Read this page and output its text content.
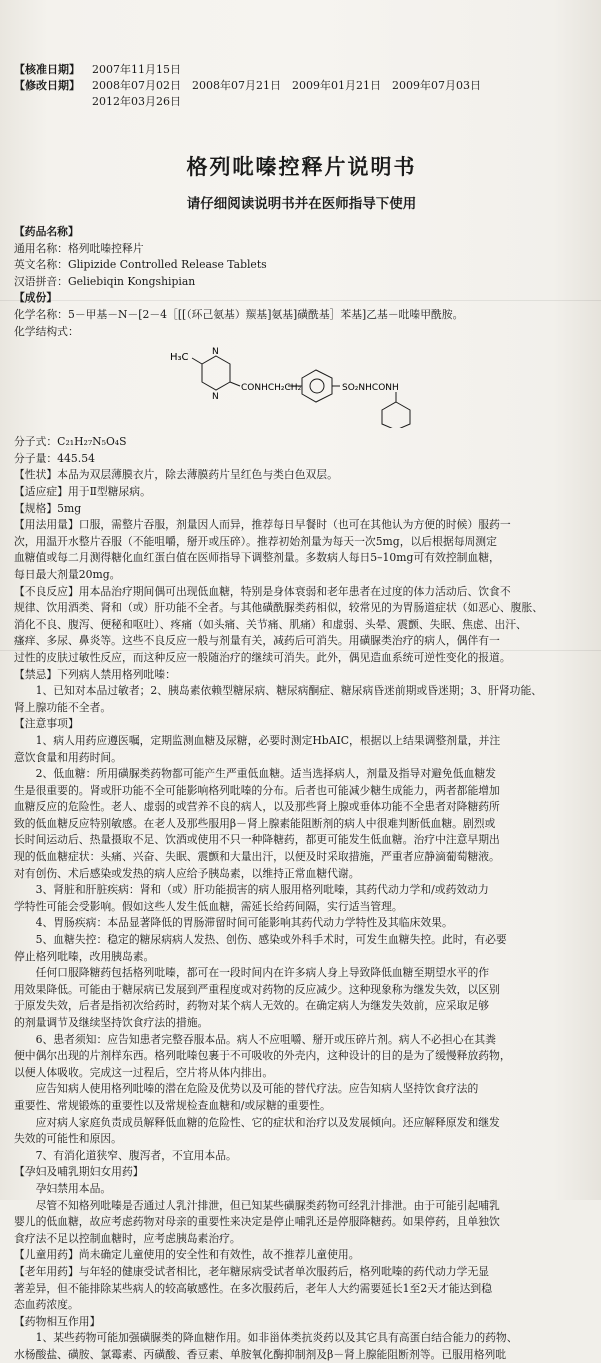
【核准日期】 2007年11月15日

【修改日期】 2008年07月02日 2008年07月21日 2009年01月21日 2009年07月03日

2012年03月26日

格列吡嗪控释片说明书

请仔细阅读说明书并在医师指导下使用

【药品名称】

通用名称：格列吡嗪控释片

英文名称：Glipizide Controlled Release Tablets

汉语拼音：Geliebiqin Kongshipian

【成份】

化学名称：5－甲基－N－[2－4［[[（环己氨基）羰基]氨基]磺酰基］苯基]乙基－吡嗪甲酰胺。

化学结构式：

H₃C	N
N
CONHCH₂CH₂	SO₂NHCONH

分子式：C₂₁H₂₇N₅O₄S

分子量：445.54

【性状】本品为双层薄膜衣片，除去薄膜药片呈红色与类白色双层。

【适应症】用于Ⅱ型糖尿病。

【规格】5mg

【用法用量】口服，需整片吞服，剂量因人而异，推荐每日早餐时（也可在其他认为方便的时候）服药一

次，用温开水整片吞服（不能咀嚼，掰开或压碎）。推荐初始剂量为每天一次5mg，以后根据每周测定

血糖值或每二月测得糖化血红蛋白值在医师指导下调整剂量。多数病人每日5–10mg可有效控制血糖，

每日最大剂量20mg。

【不良反应】用本品治疗期间偶可出现低血糖，特别是身体衰弱和老年患者在过度的体力活动后、饮食不

规律、饮用酒类、肾和（或）肝功能不全者。与其他磺酰脲类药相似，较常见的为胃肠道症状（如恶心、腹胀、

消化不良、腹泻、便秘和呕吐）、疼痛（如头痛、关节痛、肌痛）和虚弱、头晕、震颤、失眠、焦虑、出汗、

瘙痒、多尿、鼻炎等。这些不良反应一般与剂量有关，减药后可消失。用磺脲类治疗的病人，偶伴有一

过性的皮肤过敏性反应，而这种反应一般随治疗的继续可消失。此外，偶见造血系统可逆性变化的报道。

【禁忌】下列病人禁用格列吡嗪：

　　1、已知对本品过敏者；2、胰岛素依赖型糖尿病、糖尿病酮症、糖尿病昏迷前期或昏迷期；3、肝肾功能、

肾上腺功能不全者。

【注意事项】

　　1、病人用药应遵医嘱，定期监测血糖及尿糖，必要时测定HbAIC，根据以上结果调整剂量，并注

意饮食量和用药时间。

　　2、低血糖：所用磺脲类药物都可能产生严重低血糖。适当选择病人，剂量及指导对避免低血糖发

生是很重要的。肾或肝功能不全可能影响格列吡嗪的分布。后者也可能减少糖生成能力，两者都能增加

血糖反应的危险性。老人、虚弱的或营养不良的病人，以及那些肾上腺或垂体功能不全患者对降糖药所

致的低血糖反应特别敏感。在老人及那些服用β－肾上腺素能阻断剂的病人中很难判断低血糖。剧烈或

长时间运动后、热量摄取不足、饮酒或使用不只一种降糖药，都更可能发生低血糖。治疗中注意早期出

现的低血糖症状：头痛、兴奋、失眠、震颤和大量出汗，以便及时采取措施，严重者应静滴葡萄糖液。

对有创伤、术后感染或发热的病人应给予胰岛素，以维持正常血糖代谢。

　　3、肾脏和肝脏疾病：肾和（或）肝功能损害的病人服用格列吡嗪，其药代动力学和/或药效动力

学特性可能会受影响。假如这些人发生低血糖，需延长给药间隔，实行适当管理。

　　4、胃肠疾病：本品显著降低的胃肠滞留时间可能影响其药代动力学特性及其临床效果。

　　5、血糖失控：稳定的糖尿病病人发热、创伤、感染或外科手术时，可发生血糖失控。此时，有必要

停止格列吡嗪，改用胰岛素。

　　任何口服降糖药包括格列吡嗪，都可在一段时间内在许多病人身上导致降低血糖至期望水平的作

用效果降低。可能由于糖尿病已发展到严重程度或对药物的反应减少。这种现象称为继发失效，以区别

于原发失效，后者是指初次给药时，药物对某个病人无效的。在确定病人为继发失效前，应采取足够

的剂量调节及继续坚持饮食疗法的措施。

　　6、患者须知：应告知患者完整吞服本品。病人不应咀嚼、掰开或压碎片剂。病人不必担心在其粪

便中偶尔出现的片剂样东西。格列吡嗪包裹于不可吸收的外壳内，这种设计的目的是为了缓慢释放药物，

以便人体吸收。完成这一过程后，空片将从体内排出。

　　应告知病人使用格列吡嗪的潜在危险及优势以及可能的替代疗法。应告知病人坚持饮食疗法的

重要性、常规锻炼的重要性以及常规检查血糖和/或尿糖的重要性。

　　应对病人家庭负责成员解释低血糖的危险性、它的症状和治疗以及发展倾向。还应解释原发和继发

失效的可能性和原因。

　　7、有消化道狭窄、腹泻者，不宜用本品。

【孕妇及哺乳期妇女用药】

　　孕妇禁用本品。

　　尽管不知格列吡嗪是否通过人乳汁排泄，但已知某些磺脲类药物可经乳汁排泄。由于可能引起哺乳

婴儿的低血糖，故应考虑药物对母亲的重要性来决定是停止哺乳还是停服降糖药。如果停药，且单独饮

食疗法不足以控制血糖时，应考虑胰岛素治疗。

【儿童用药】尚未确定儿童使用的安全性和有效性，故不推荐儿童使用。

【老年用药】与年轻的健康受试者相比，老年糖尿病受试者单次服药后，格列吡嗪的药代动力学无显

著差异，但不能排除某些病人的较高敏感性。在多次服药后，老年人大约需要延长1至2天才能达到稳

态血药浓度。

【药物相互作用】

　　1、某些药物可能加强磺脲类的降血糖作用。如非甾体类抗炎药以及其它具有高蛋白结合能力的药物、

水杨酸盐、磺胺、氯霉素、丙磺酸、香豆素、单胺氧化酶抑制剂及β－肾上腺能阻断剂等。已服用格列吡
